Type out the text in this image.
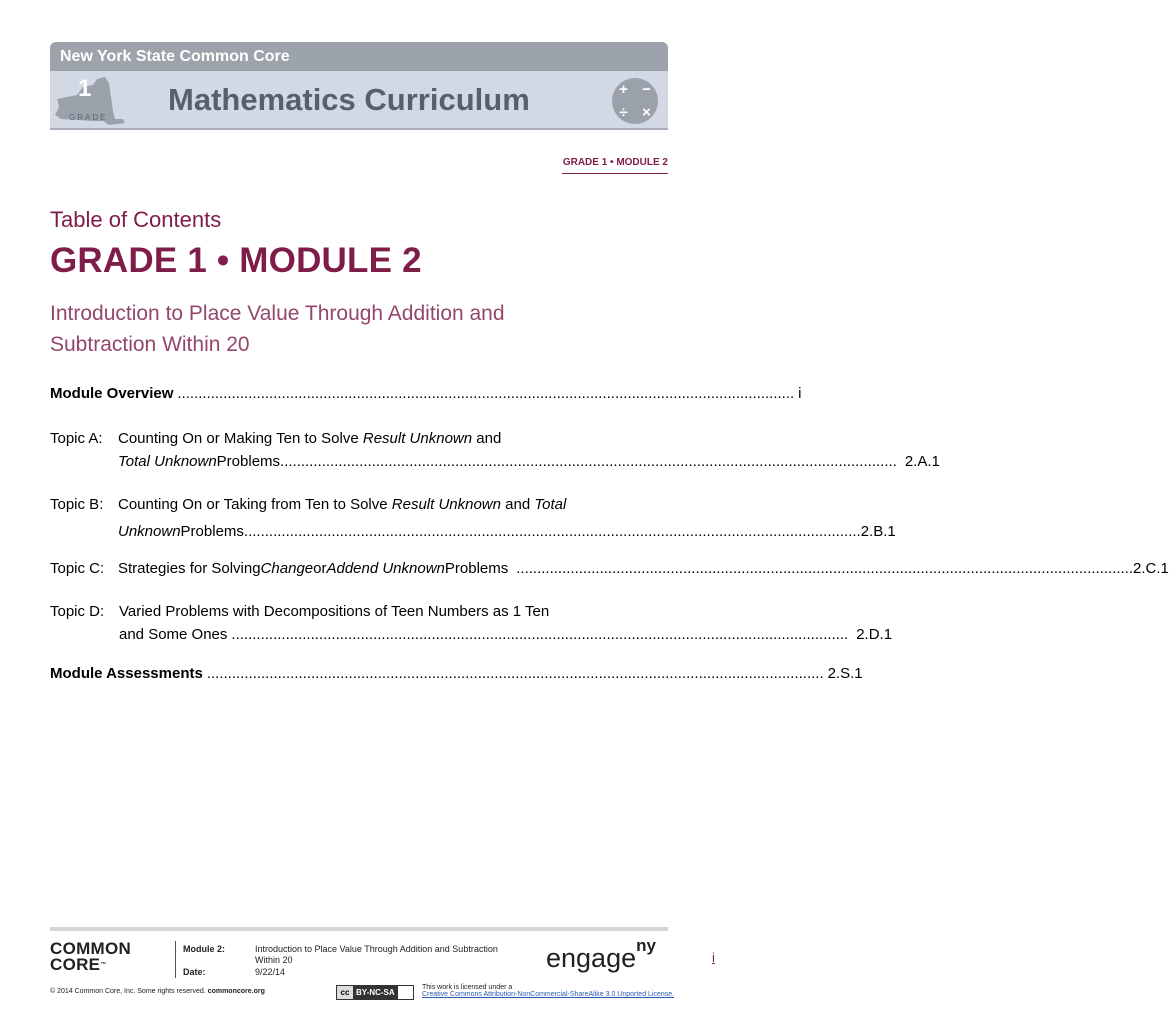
New York State Common Core
1
GRADE
Mathematics Curriculum	+ −
÷ ×
GRADE 1 • MODULE 2
Table of Contents
GRADE 1 • MODULE 2
Introduction to Place Value Through Addition and Subtraction Within 20
Module Overview .................................................................................................................................................... i
Topic A: Counting On or Making Ten to Solve Result Unknown and
Total Unknown Problems .................................................................................................................................................... 2.A.1
Topic B: Counting On or Taking from Ten to Solve Result Unknown and Total
Unknown Problems .................................................................................................................................................... 2.B.1
Topic C: Strategies for Solving Change or Addend Unknown Problems .................................................................................................................................................... 2.C.1
Topic D: Varied Problems with Decompositions of Teen Numbers as 1 Ten
and Some Ones .................................................................................................................................................... 2.D.1
Module Assessments .................................................................................................................................................... 2.S.1
COMMON
CORE™
Module 2:	Introduction to Place Value Through Addition and Subtraction
Within 20
Date:	9/22/14
© 2014 Common Core, Inc. Some rights reserved. commoncore.org	cc BY-NC-SA
This work is licensed under a
Creative Commons Attribution-NonCommercial-ShareAlike 3.0 Unported License.
engage$^{ny}$
i
